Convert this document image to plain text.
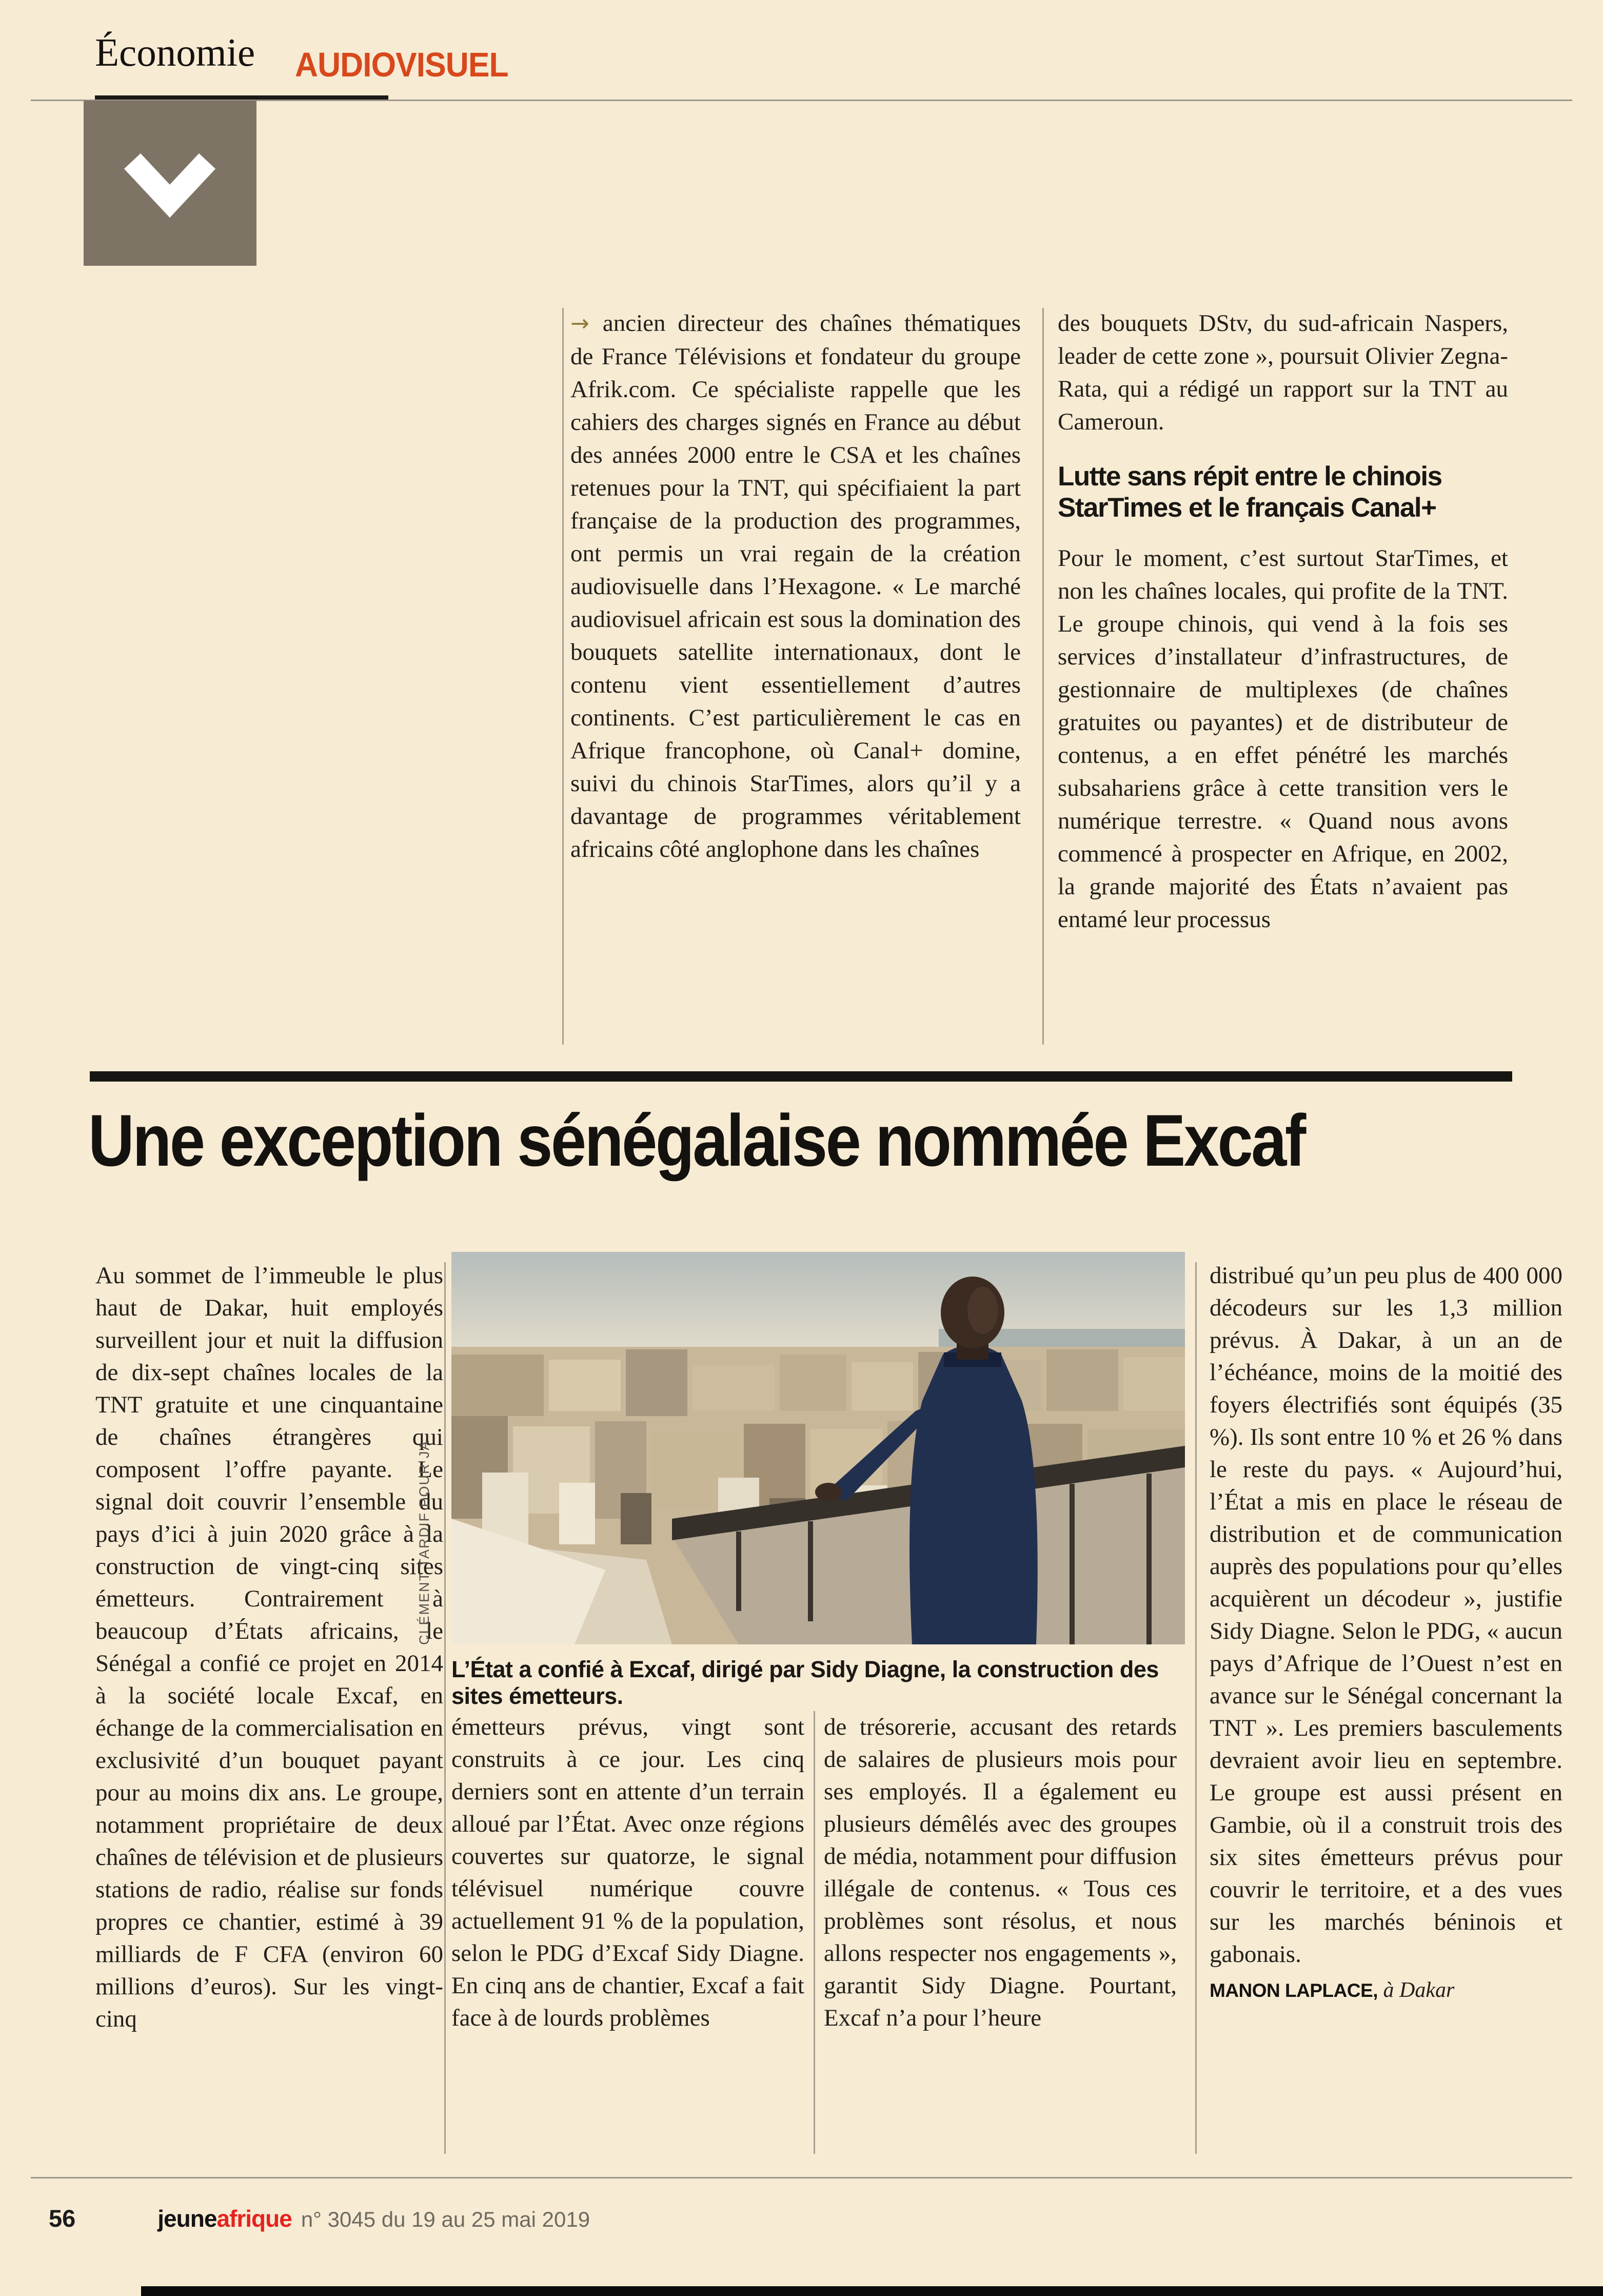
Économie AUDIOVISUEL

→ ancien directeur des chaînes thématiques de France Télévisions et fondateur du groupe Afrik.com. Ce spécialiste rappelle que les cahiers des charges signés en France au début des années 2000 entre le CSA et les chaînes retenues pour la TNT, qui spécifiaient la part française de la production des programmes, ont permis un vrai regain de la création audiovisuelle dans l’Hexagone. « Le marché audiovisuel africain est sous la domination des bouquets satellite internationaux, dont le contenu vient essentiellement d’autres continents. C’est particulièrement le cas en Afrique francophone, où Canal+ domine, suivi du chinois StarTimes, alors qu’il y a davantage de programmes véritablement africains côté anglophone dans les chaînes

des bouquets DStv, du sud-africain Naspers, leader de cette zone », poursuit Olivier Zegna-Rata, qui a rédigé un rapport sur la TNT au Cameroun.

Lutte sans répit entre le chinois StarTimes et le français Canal+

Pour le moment, c’est surtout StarTimes, et non les chaînes locales, qui profite de la TNT. Le groupe chinois, qui vend à la fois ses services d’installateur d’infrastructures, de gestionnaire de multiplexes (de chaînes gratuites ou payantes) et de distributeur de contenus, a en effet pénétré les marchés subsahariens grâce à cette transition vers le numérique terrestre. « Quand nous avons commencé à prospecter en Afrique, en 2002, la grande majorité des États n’avaient pas entamé leur processus

Une exception sénégalaise nommée Excaf

Au sommet de l’immeuble le plus haut de Dakar, huit employés surveillent jour et nuit la diffusion de dix-sept chaînes locales de la TNT gratuite et une cinquantaine de chaînes étrangères qui composent l’offre payante. Le signal doit couvrir l’ensemble du pays d’ici à juin 2020 grâce à la construction de vingt-cinq sites émetteurs. Contrairement à beaucoup d’États africains, le Sénégal a confié ce projet en 2014 à la société locale Excaf, en échange de la commercialisation en exclusivité d’un bouquet payant pour au moins dix ans. Le groupe, notamment propriétaire de deux chaînes de télévision et de plusieurs stations de radio, réalise sur fonds propres ce chantier, estimé à 39 milliards de F CFA (environ 60 millions d’euros). Sur les vingt-cinq

CLÉMENT TARDIF POUR JA
L’État a confié à Excaf, dirigé par Sidy Diagne, la construction des sites émetteurs.

émetteurs prévus, vingt sont construits à ce jour. Les cinq derniers sont en attente d’un terrain alloué par l’État. Avec onze régions couvertes sur quatorze, le signal télévisuel numérique couvre actuellement 91 % de la population, selon le PDG d’Excaf Sidy Diagne. En cinq ans de chantier, Excaf a fait face à de lourds problèmes

de trésorerie, accusant des retards de salaires de plusieurs mois pour ses employés. Il a également eu plusieurs démêlés avec des groupes de média, notamment pour diffusion illégale de contenus. « Tous ces problèmes sont résolus, et nous allons respecter nos engagements », garantit Sidy Diagne. Pourtant, Excaf n’a pour l’heure

distribué qu’un peu plus de 400 000 décodeurs sur les 1,3 million prévus. À Dakar, à un an de l’échéance, moins de la moitié des foyers électrifiés sont équipés (35 %). Ils sont entre 10 % et 26 % dans le reste du pays. « Aujourd’hui, l’État a mis en place le réseau de distribution et de communication auprès des populations pour qu’elles acquièrent un décodeur », justifie Sidy Diagne. Selon le PDG, « aucun pays d’Afrique de l’Ouest n’est en avance sur le Sénégal concernant la TNT ». Les premiers basculements devraient avoir lieu en septembre. Le groupe est aussi présent en Gambie, où il a construit trois des six sites émetteurs prévus pour couvrir le territoire, et a des vues sur les marchés béninois et gabonais.

MANON LAPLACE, à Dakar
56	jeuneafrique n° 3045 du 19 au 25 mai 2019
